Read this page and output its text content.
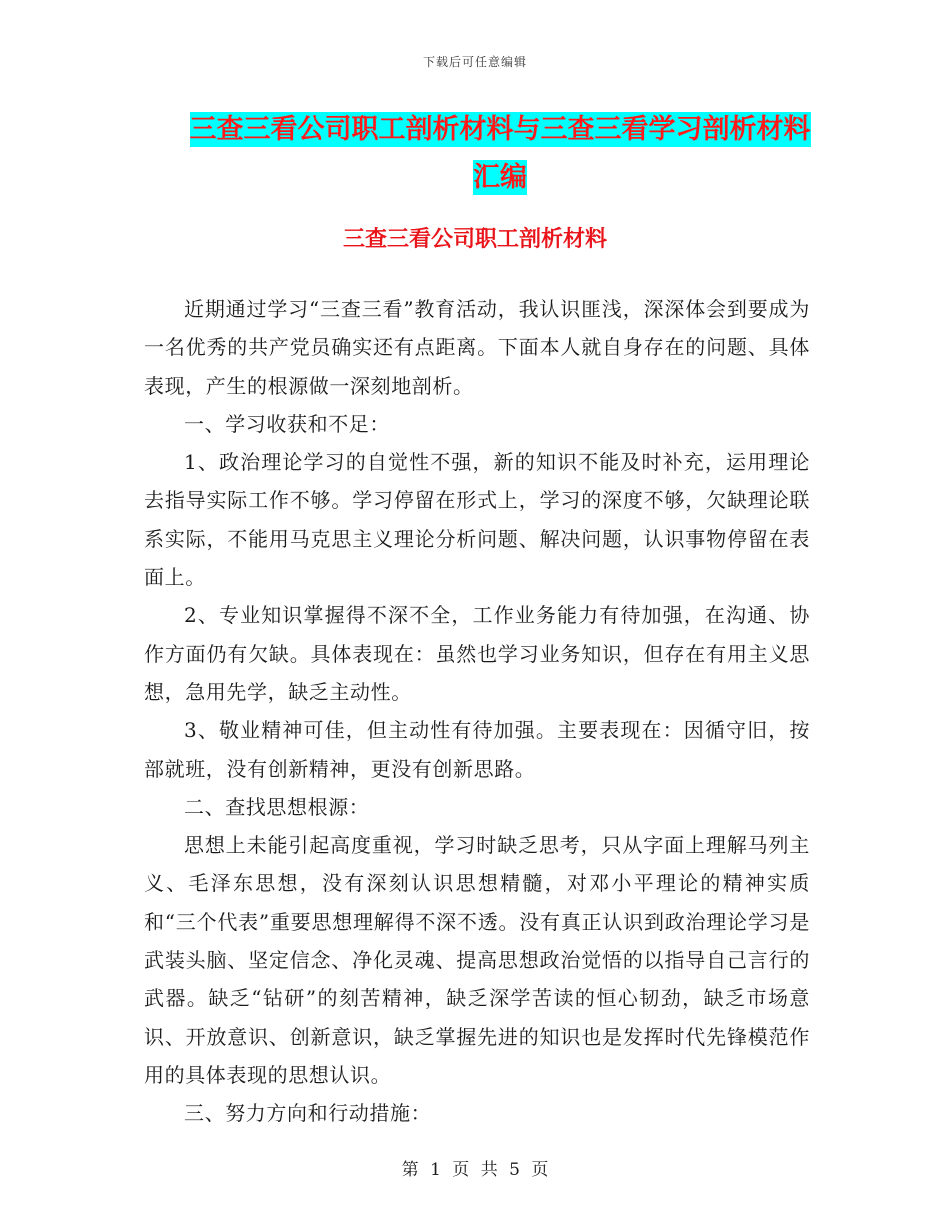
下载后可任意编辑
三查三看公司职工剖析材料与三查三看学习剖析材料
汇编
三查三看公司职工剖析材料

近期通过学习“三查三看”教育活动，我认识匪浅，深深体会到要成为一名优秀的共产党员确实还有点距离。下面本人就自身存在的问题、具体表现，产生的根源做一深刻地剖析。

一、学习收获和不足：

1、政治理论学习的自觉性不强，新的知识不能及时补充，运用理论去指导实际工作不够。学习停留在形式上，学习的深度不够，欠缺理论联系实际，不能用马克思主义理论分析问题、解决问题，认识事物停留在表面上。

2、专业知识掌握得不深不全，工作业务能力有待加强，在沟通、协作方面仍有欠缺。具体表现在：虽然也学习业务知识，但存在有用主义思想，急用先学，缺乏主动性。

3、敬业精神可佳，但主动性有待加强。主要表现在：因循守旧，按部就班，没有创新精神，更没有创新思路。

二、查找思想根源：

思想上未能引起高度重视，学习时缺乏思考，只从字面上理解马列主义、毛泽东思想，没有深刻认识思想精髓，对邓小平理论的精神实质和“三个代表”重要思想理解得不深不透。没有真正认识到政治理论学习是武装头脑、坚定信念、净化灵魂、提高思想政治觉悟的以指导自己言行的武器。缺乏“钻研”的刻苦精神，缺乏深学苦读的恒心韧劲，缺乏市场意识、开放意识、创新意识，缺乏掌握先进的知识也是发挥时代先锋模范作用的具体表现的思想认识。

三、努力方向和行动措施：

第 1 页 共 5 页
